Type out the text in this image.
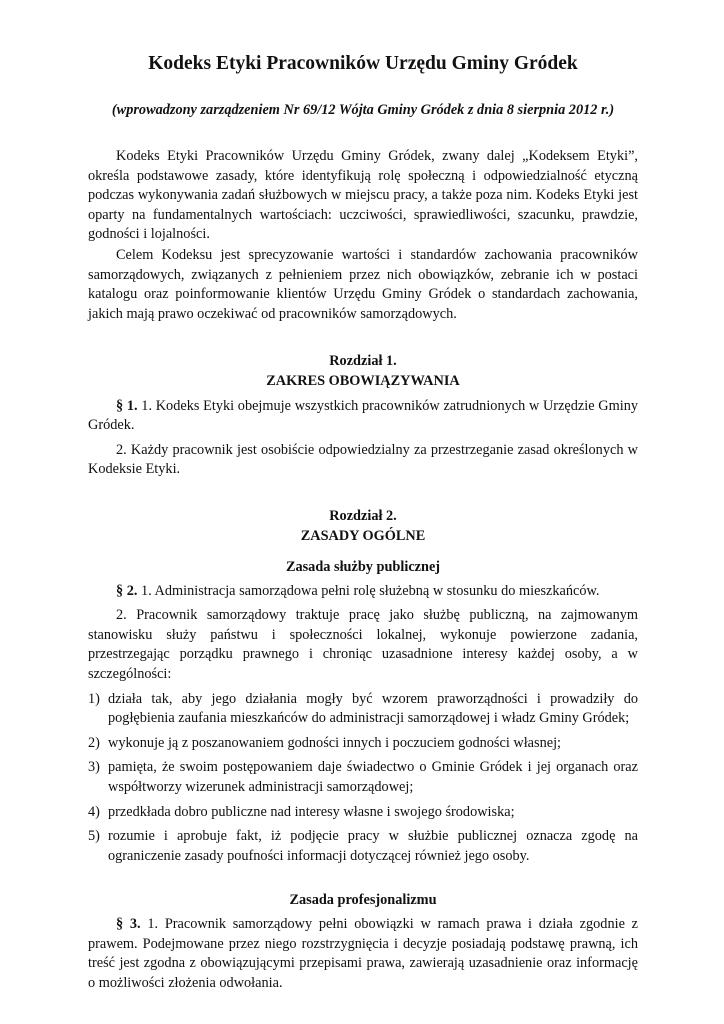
Kodeks Etyki Pracowników Urzędu Gminy Gródek
(wprowadzony zarządzeniem Nr 69/12 Wójta Gminy Gródek z dnia 8 sierpnia 2012 r.)

Kodeks Etyki Pracowników Urzędu Gminy Gródek, zwany dalej „Kodeksem Etyki”, określa podstawowe zasady, które identyfikują rolę społeczną i odpowiedzialność etyczną podczas wykonywania zadań służbowych w miejscu pracy, a także poza nim. Kodeks Etyki jest oparty na fundamentalnych wartościach: uczciwości, sprawiedliwości, szacunku, prawdzie, godności i lojalności.

Celem Kodeksu jest sprecyzowanie wartości i standardów zachowania pracowników samorządowych, związanych z pełnieniem przez nich obowiązków, zebranie ich w postaci katalogu oraz poinformowanie klientów Urzędu Gminy Gródek o standardach zachowania, jakich mają prawo oczekiwać od pracowników samorządowych.

Rozdział 1.
ZAKRES OBOWIĄZYWANIA

§ 1. 1. Kodeks Etyki obejmuje wszystkich pracowników zatrudnionych w Urzędzie Gminy Gródek.

2. Każdy pracownik jest osobiście odpowiedzialny za przestrzeganie zasad określonych w Kodeksie Etyki.

Rozdział 2.
ZASADY OGÓLNE
Zasada służby publicznej

§ 2. 1. Administracja samorządowa pełni rolę służebną w stosunku do mieszkańców.

2. Pracownik samorządowy traktuje pracę jako służbę publiczną, na zajmowanym stanowisku służy państwu i społeczności lokalnej, wykonuje powierzone zadania, przestrzegając porządku prawnego i chroniąc uzasadnione interesy każdej osoby, a w szczególności:

1) działa tak, aby jego działania mogły być wzorem praworządności i prowadziły do pogłębienia zaufania mieszkańców do administracji samorządowej i władz Gminy Gródek;
2) wykonuje ją z poszanowaniem godności innych i poczuciem godności własnej;
3) pamięta, że swoim postępowaniem daje świadectwo o Gminie Gródek i jej organach oraz współtworzy wizerunek administracji samorządowej;
4) przedkłada dobro publiczne nad interesy własne i swojego środowiska;
5) rozumie i aprobuje fakt, iż podjęcie pracy w służbie publicznej oznacza zgodę na ograniczenie zasady poufności informacji dotyczącej również jego osoby.
Zasada profesjonalizmu

§ 3. 1. Pracownik samorządowy pełni obowiązki w ramach prawa i działa zgodnie z prawem. Podejmowane przez niego rozstrzygnięcia i decyzje posiadają podstawę prawną, ich treść jest zgodna z obowiązującymi przepisami prawa, zawierają uzasadnienie oraz informację o możliwości złożenia odwołania.
